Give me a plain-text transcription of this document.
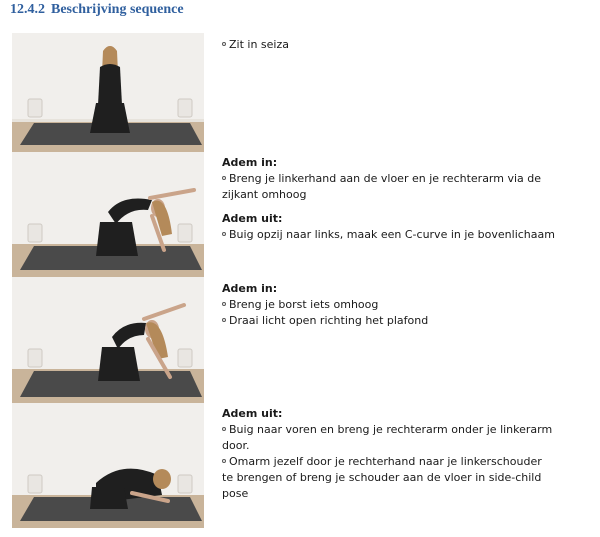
12.4.2 Beschrijving sequence
Zit in seiza
Adem in:
Breng je linkerhand aan de vloer en je rechterarm via de
zijkant omhoog
Adem uit:
Buig opzij naar links, maak een C-curve in je bovenlichaam
Adem in:
Breng je borst iets omhoog
Draai licht open richting het plafond
Adem uit:
Buig naar voren en breng je rechterarm onder je linkerarm
door.
Omarm jezelf door je rechterhand naar je linkerschouder
te brengen of breng je schouder aan de vloer in side-child
pose
